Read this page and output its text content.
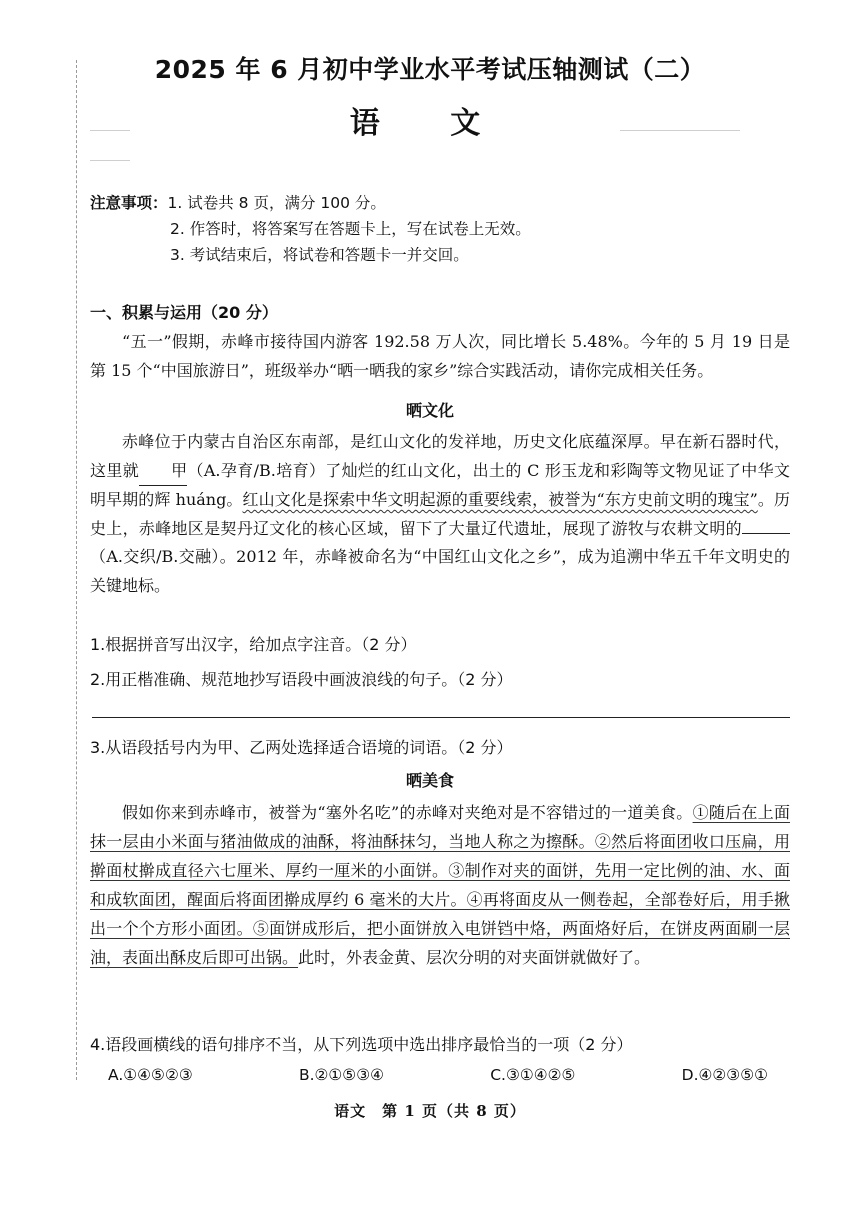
2025 年 6 月初中学业水平考试压轴测试（二）
语 文
注意事项：1. 试卷共 8 页，满分 100 分。
2. 作答时，将答案写在答题卡上，写在试卷上无效。
3. 考试结束后，将试卷和答题卡一并交回。
一、积累与运用（20 分）

“五一”假期，赤峰市接待国内游客 192.58 万人次，同比增长 5.48%。今年的 5 月 19 日是第 15 个“中国旅游日”，班级举办“晒一晒我的家乡”综合实践活动，请你完成相关任务。

晒文化

赤峰位于内蒙古自治区东南部，是红山文化的发祥地，历史文化底蕴深厚。早在新石器时代，这里就 甲（A.孕育/B.培育）了灿烂的红山文化，出土的 C 形玉龙和彩陶等文物见证了中华文明早期的辉 huáng。红山文化是探索中华文明起源的重要线索，被誉为“东方史前文明的瑰宝”。历史上，赤峰地区是契丹辽文化的核心区域，留下了大量辽代遗址，展现了游牧与农耕文明的（A.交织/B.交融）。2012 年，赤峰被命名为“中国红山文化之乡”，成为追溯中华五千年文明史的关键地标。

1.根据拼音写出汉字，给加点字注音。（2 分）
2.用正楷准确、规范地抄写语段中画波浪线的句子。（2 分）
3.从语段括号内为甲、乙两处选择适合语境的词语。（2 分）
晒美食

假如你来到赤峰市，被誉为“塞外名吃”的赤峰对夹绝对是不容错过的一道美食。①随后在上面抹一层由小米面与猪油做成的油酥，将油酥抹匀，当地人称之为擦酥。②然后将面团收口压扁，用擀面杖擀成直径六七厘米、厚约一厘米的小面饼。③制作对夹的面饼，先用一定比例的油、水、面和成软面团，醒面后将面团擀成厚约 6 毫米的大片。④再将面皮从一侧卷起，全部卷好后，用手揪出一个个方形小面团。⑤面饼成形后，把小面饼放入电饼铛中烙，两面烙好后，在饼皮两面刷一层油，表面出酥皮后即可出锅。此时，外表金黄、层次分明的对夹面饼就做好了。

4.语段画横线的语句排序不当，从下列选项中选出排序最恰当的一项（2 分）
A.①④⑤②③	B.②①⑤③④	C.③①④②⑤	D.④②③⑤①
语文　第 1 页（共 8 页）
